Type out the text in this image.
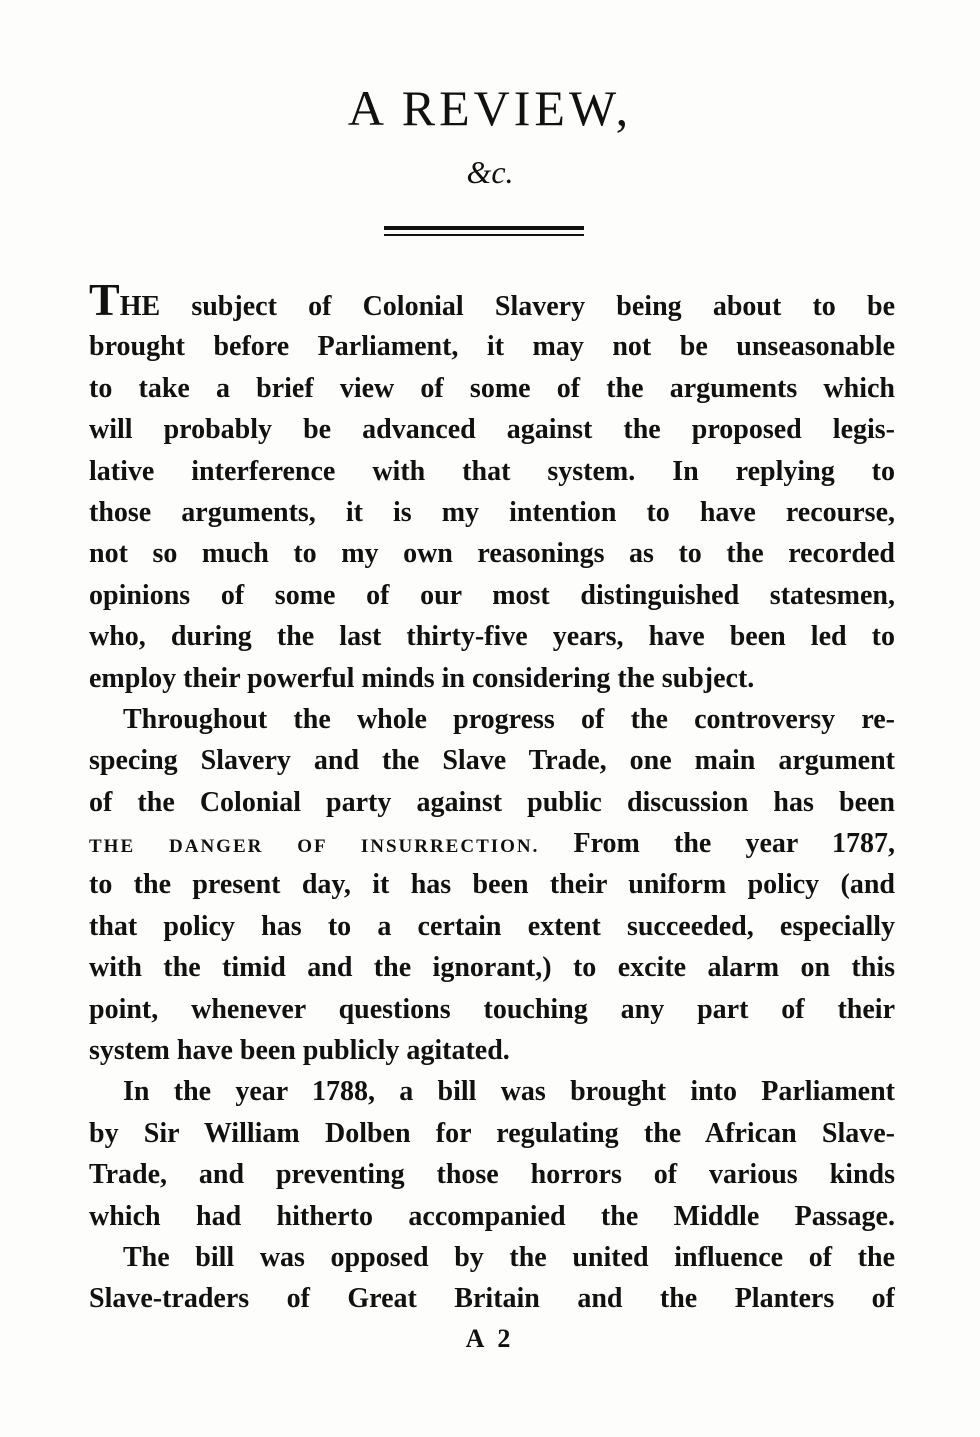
A REVIEW,
&c.
THE subject of Colonial Slavery being about to be
brought before Parliament, it may not be unseasonable
to take a brief view of some of the arguments which
will probably be advanced against the proposed legis-
lative interference with that system. In replying to
those arguments, it is my intention to have recourse,
not so much to my own reasonings as to the recorded
opinions of some of our most distinguished statesmen,
who, during the last thirty-five years, have been led to
employ their powerful minds in considering the subject.
Throughout the whole progress of the controversy re-
specing Slavery and the Slave Trade, one main argument
of the Colonial party against public discussion has been
THE DANGER OF INSURRECTION. From the year 1787,
to the present day, it has been their uniform policy (and
that policy has to a certain extent succeeded, especially
with the timid and the ignorant,) to excite alarm on this
point, whenever questions touching any part of their
system have been publicly agitated.
In the year 1788, a bill was brought into Parliament
by Sir William Dolben for regulating the African Slave-
Trade, and preventing those horrors of various kinds
which had hitherto accompanied the Middle Passage.
The bill was opposed by the united influence of the
Slave-traders of Great Britain and the Planters of
A 2
